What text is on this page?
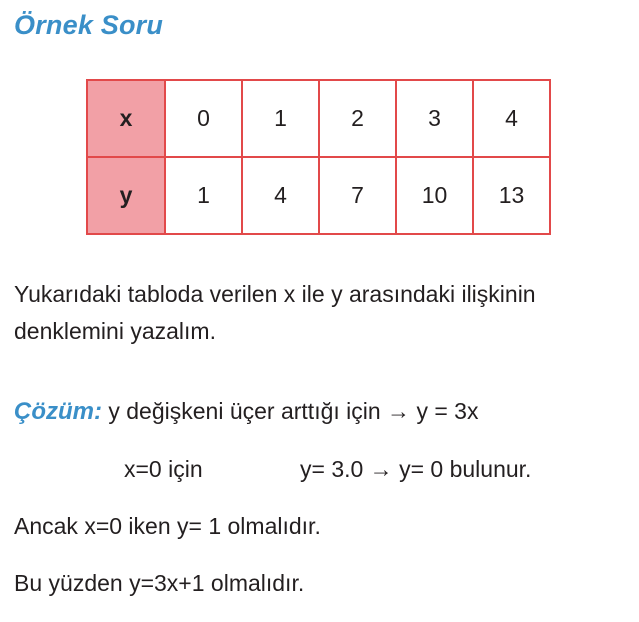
Örnek Soru
x	0	1	2	3	4
y	1	4	7	10	13
Yukarıdaki tabloda verilen x ile y arasındaki ilişkinin
denklemini yazalım.
Çözüm: y değişkeni üçer arttığı için → y = 3x
x=0 için	y= 3.0 → y= 0 bulunur.
Ancak x=0 iken y= 1 olmalıdır.
Bu yüzden y=3x+1 olmalıdır.
